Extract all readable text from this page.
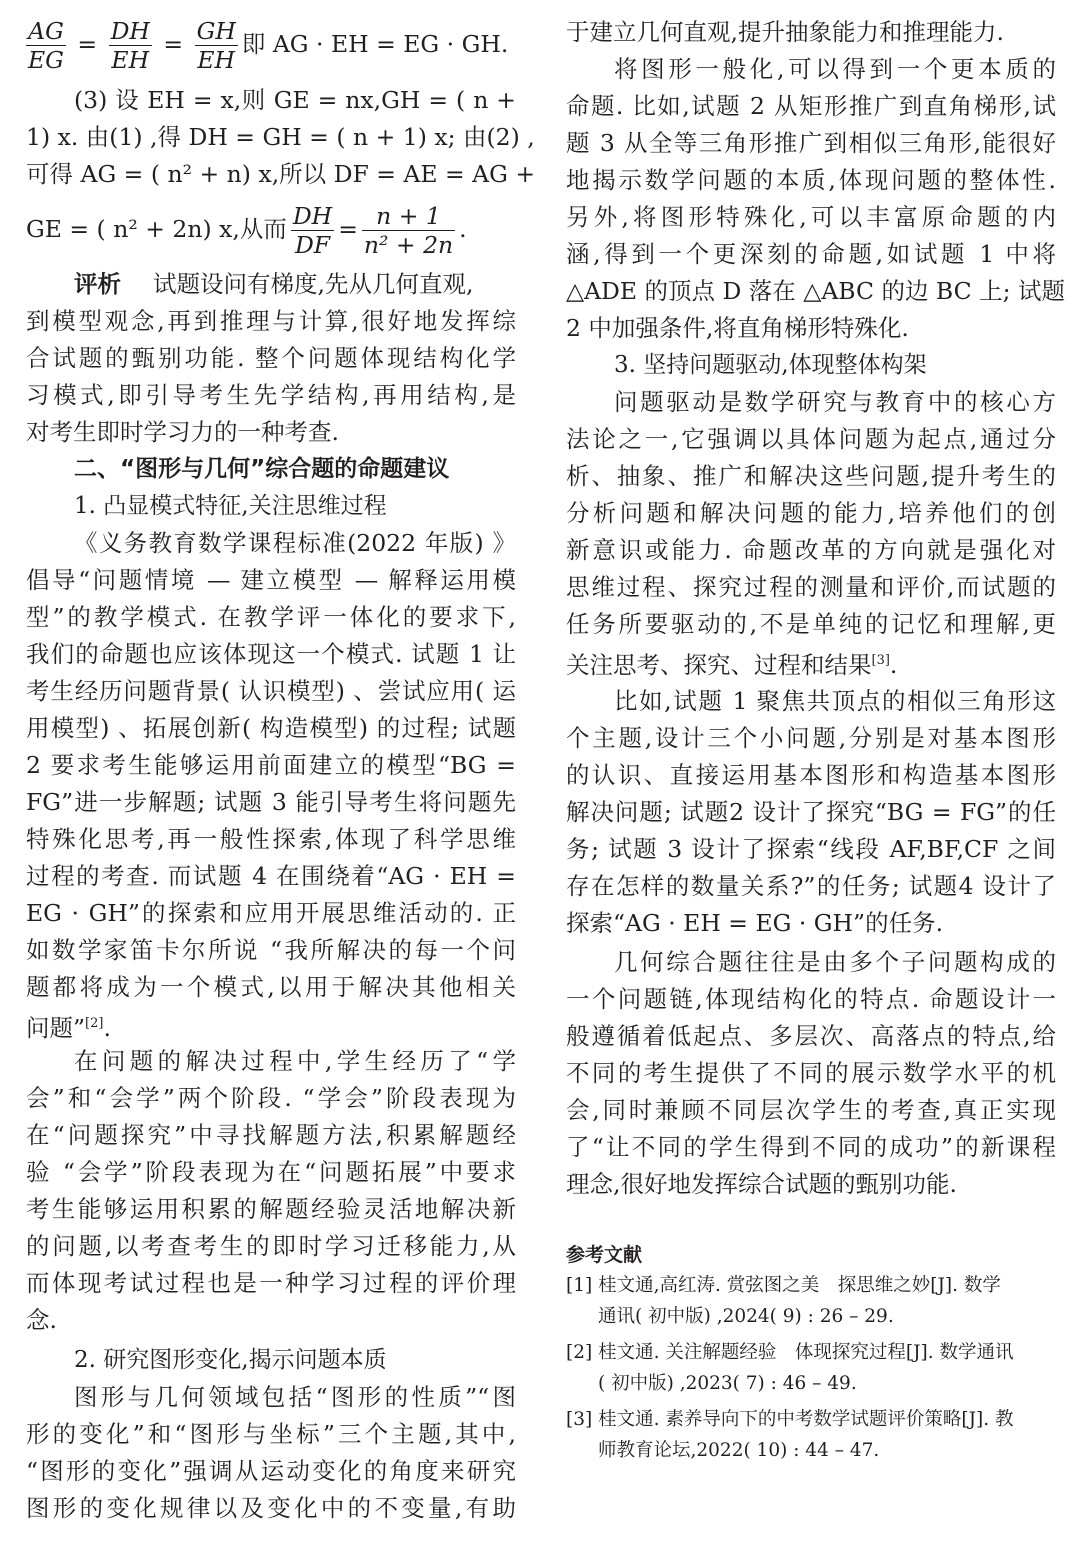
$\frac{AG}{EG} = \frac{DH}{EH} = \frac{GH}{EH}$ 即 AG · EH = EG · GH.
(3) 设 EH = x,则 GE = nx,GH = ( n +
1) x. 由(1) ,得 DH = GH = ( n + 1) x; 由(2) ,
可得 AG = ( n² + n) x,所以 DF = AE = AG +
GE = ( n² + 2n) x,从而 $\frac{DH}{DF} = \frac{n + 1}{\text{n² + 2n}}$ .
评析 试题设问有梯度,先从几何直观,
到模型观念,再到推理与计算,很好地发挥综
合试题的甄别功能. 整个问题体现结构化学
习模式,即引导考生先学结构,再用结构,是
对考生即时学习力的一种考查.
二、“图形与几何”综合题的命题建议
1. 凸显模式特征,关注思维过程
《义务教育数学课程标准(2022 年版) 》
倡导“问题情境 — 建立模型 — 解释运用模
型”的教学模式. 在教学评一体化的要求下,
我们的命题也应该体现这一个模式. 试题 1 让
考生经历问题背景( 认识模型) 、尝试应用( 运
用模型) 、拓展创新( 构造模型) 的过程; 试题
2 要求考生能够运用前面建立的模型“BG =
FG”进一步解题; 试题 3 能引导考生将问题先
特殊化思考,再一般性探索,体现了科学思维
过程的考查. 而试题 4 在围绕着“AG · EH =
EG · GH”的探索和应用开展思维活动的. 正
如数学家笛卡尔所说 “我所解决的每一个问
题都将成为一个模式,以用于解决其他相关
问题”[2].
在问题的解决过程中,学生经历了“学
会”和“会学”两个阶段. “学会”阶段表现为
在“问题探究”中寻找解题方法,积累解题经
验 “会学”阶段表现为在“问题拓展”中要求
考生能够运用积累的解题经验灵活地解决新
的问题,以考查考生的即时学习迁移能力,从
而体现考试过程也是一种学习过程的评价理
念.
2. 研究图形变化,揭示问题本质
图形与几何领域包括“图形的性质”“图
形的变化”和“图形与坐标”三个主题,其中,
“图形的变化”强调从运动变化的角度来研究
图形的变化规律以及变化中的不变量,有助
于建立几何直观,提升抽象能力和推理能力.
将图形一般化,可以得到一个更本质的
命题. 比如,试题 2 从矩形推广到直角梯形,试
题 3 从全等三角形推广到相似三角形,能很好
地揭示数学问题的本质,体现问题的整体性.
另外,将图形特殊化,可以丰富原命题的内
涵,得到一个更深刻的命题,如试题 1 中将
△ADE 的顶点 D 落在 △ABC 的边 BC 上; 试题
2 中加强条件,将直角梯形特殊化.
3. 坚持问题驱动,体现整体构架
问题驱动是数学研究与教育中的核心方
法论之一,它强调以具体问题为起点,通过分
析、抽象、推广和解决这些问题,提升考生的
分析问题和解决问题的能力,培养他们的创
新意识或能力. 命题改革的方向就是强化对
思维过程、探究过程的测量和评价,而试题的
任务所要驱动的,不是单纯的记忆和理解,更
关注思考、探究、过程和结果[3].
比如,试题 1 聚焦共顶点的相似三角形这
个主题,设计三个小问题,分别是对基本图形
的认识、直接运用基本图形和构造基本图形
解决问题; 试题2 设计了探究“BG = FG”的任
务; 试题 3 设计了探索“线段 AF,BF,CF 之间
存在怎样的数量关系?”的任务; 试题4 设计了
探索“AG · EH = EG · GH”的任务.
几何综合题往往是由多个子问题构成的
一个问题链,体现结构化的特点. 命题设计一
般遵循着低起点、多层次、高落点的特点,给
不同的考生提供了不同的展示数学水平的机
会,同时兼顾不同层次学生的考查,真正实现
了“让不同的学生得到不同的成功”的新课程
理念,很好地发挥综合试题的甄别功能.
参考文献
[1] 桂文通,高红涛. 赏弦图之美　探思维之妙[J]. 数学
通讯( 初中版) ,2024( 9) : 26 – 29.
[2] 桂文通. 关注解题经验　体现探究过程[J]. 数学通讯
( 初中版) ,2023( 7) : 46 – 49.
[3] 桂文通. 素养导向下的中考数学试题评价策略[J]. 教
师教育论坛,2022( 10) : 44 – 47.
